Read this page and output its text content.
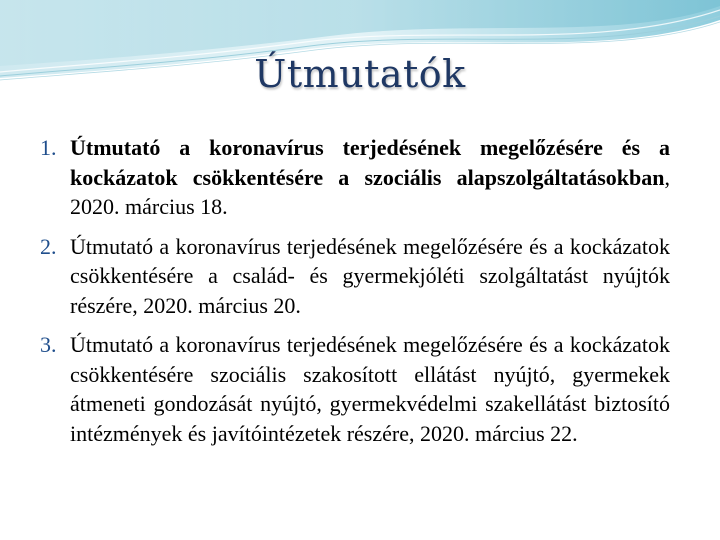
Útmutatók
1. Útmutató a koronavírus terjedésének megelőzésére és a kockázatok csökkentésére a szociális alapszolgáltatásokban, 2020. március 18.
2. Útmutató a koronavírus terjedésének megelőzésére és a kockázatok csökkentésére a család- és gyermekjóléti szolgáltatást nyújtók részére, 2020. március 20.
3. Útmutató a koronavírus terjedésének megelőzésére és a kockázatok csökkentésére szociális szakosított ellátást nyújtó, gyermekek átmeneti gondozását nyújtó, gyermekvédelmi szakellátást biztosító intézmények és javítóintézetek részére, 2020. március 22.
